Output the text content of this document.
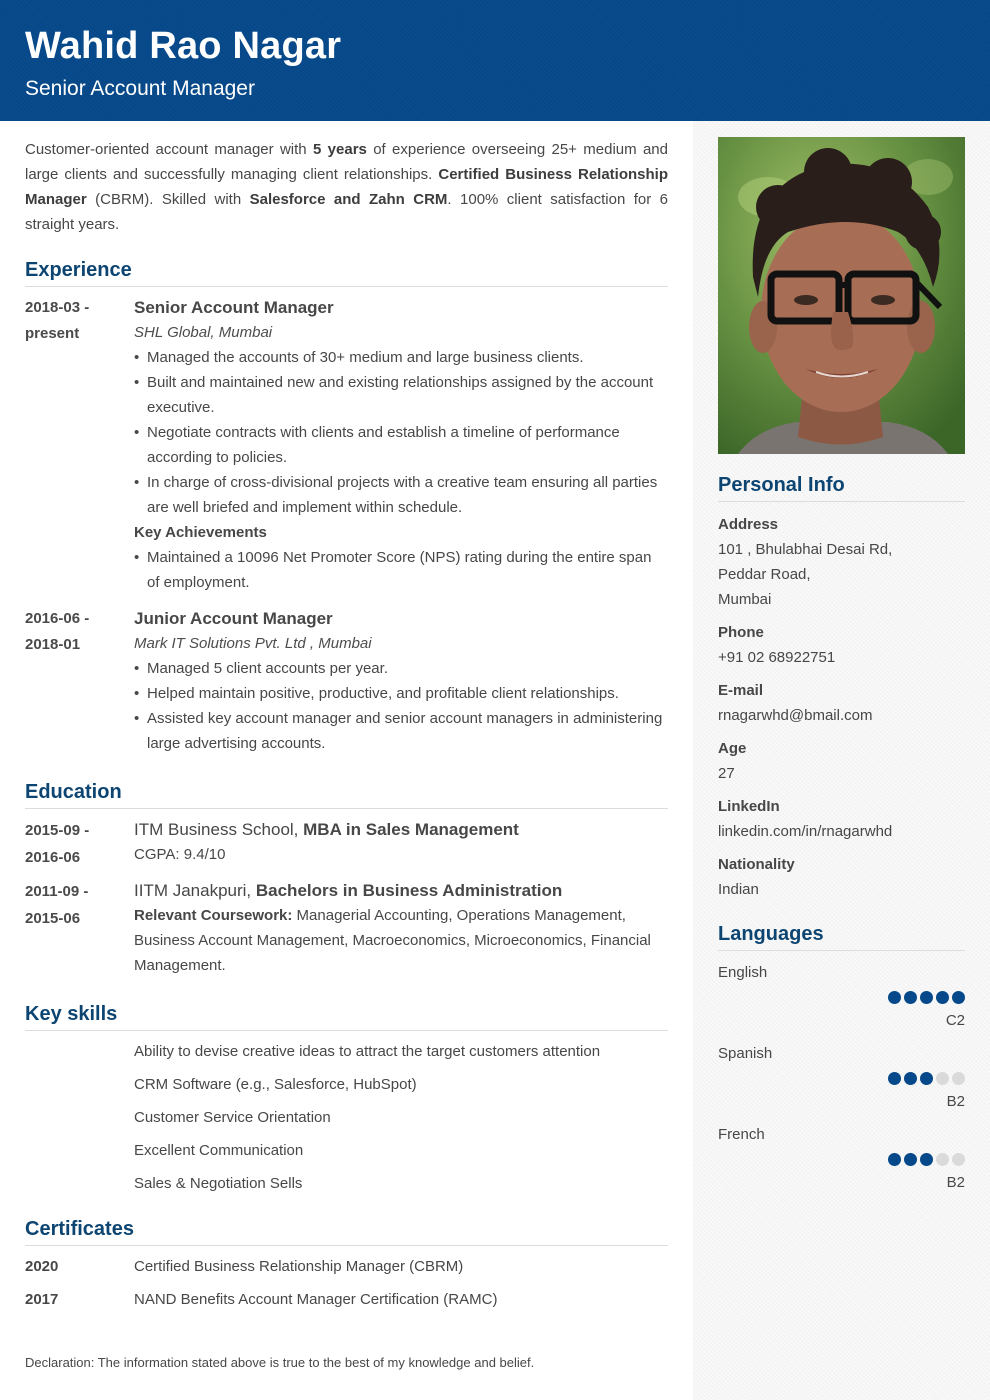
Wahid Rao Nagar
Senior Account Manager
Personal Info
Address
101 , Bhulabhai Desai Rd,
Peddar Road,
Mumbai
Phone
+91 02 68922751
E-mail
rnagarwhd@bmail.com
Age
27
LinkedIn
linkedin.com/in/rnagarwhd
Nationality
Indian
Languages
English
C2
Spanish
B2
French
B2
Customer-oriented account manager with 5 years of experience overseeing 25+ medium and large clients and successfully managing client relationships. Certified Business Relationship Manager (CBRM). Skilled with Salesforce and Zahn CRM. 100% client satisfaction for 6 straight years.
Experience
2018-03 -
present
Senior Account Manager
SHL Global, Mumbai
• Managed the accounts of 30+ medium and large business clients.
• Built and maintained new and existing relationships assigned by the account executive.
• Negotiate contracts with clients and establish a timeline of performance according to policies.
• In charge of cross-divisional projects with a creative team ensuring all parties are well briefed and implement within schedule.
Key Achievements
• Maintained a 10096 Net Promoter Score (NPS) rating during the entire span of employment.
2016-06 -
2018-01
Junior Account Manager
Mark IT Solutions Pvt. Ltd , Mumbai
• Managed 5 client accounts per year.
• Helped maintain positive, productive, and profitable client relationships.
• Assisted key account manager and senior account managers in administering large advertising accounts.
Education
2015-09 -
2016-06
ITM Business School, MBA in Sales Management
CGPA: 9.4/10
2011-09 -
2015-06
IITM Janakpuri, Bachelors in Business Administration
Relevant Coursework: Managerial Accounting, Operations Management, Business Account Management, Macroeconomics, Microeconomics, Financial Management.
Key skills
Ability to devise creative ideas to attract the target customers attention
CRM Software (e.g., Salesforce, HubSpot)
Customer Service Orientation
Excellent Communication
Sales & Negotiation Sells
Certificates
2020	Certified Business Relationship Manager (CBRM)
2017	NAND Benefits Account Manager Certification (RAMC)
Declaration: The information stated above is true to the best of my knowledge and belief.
